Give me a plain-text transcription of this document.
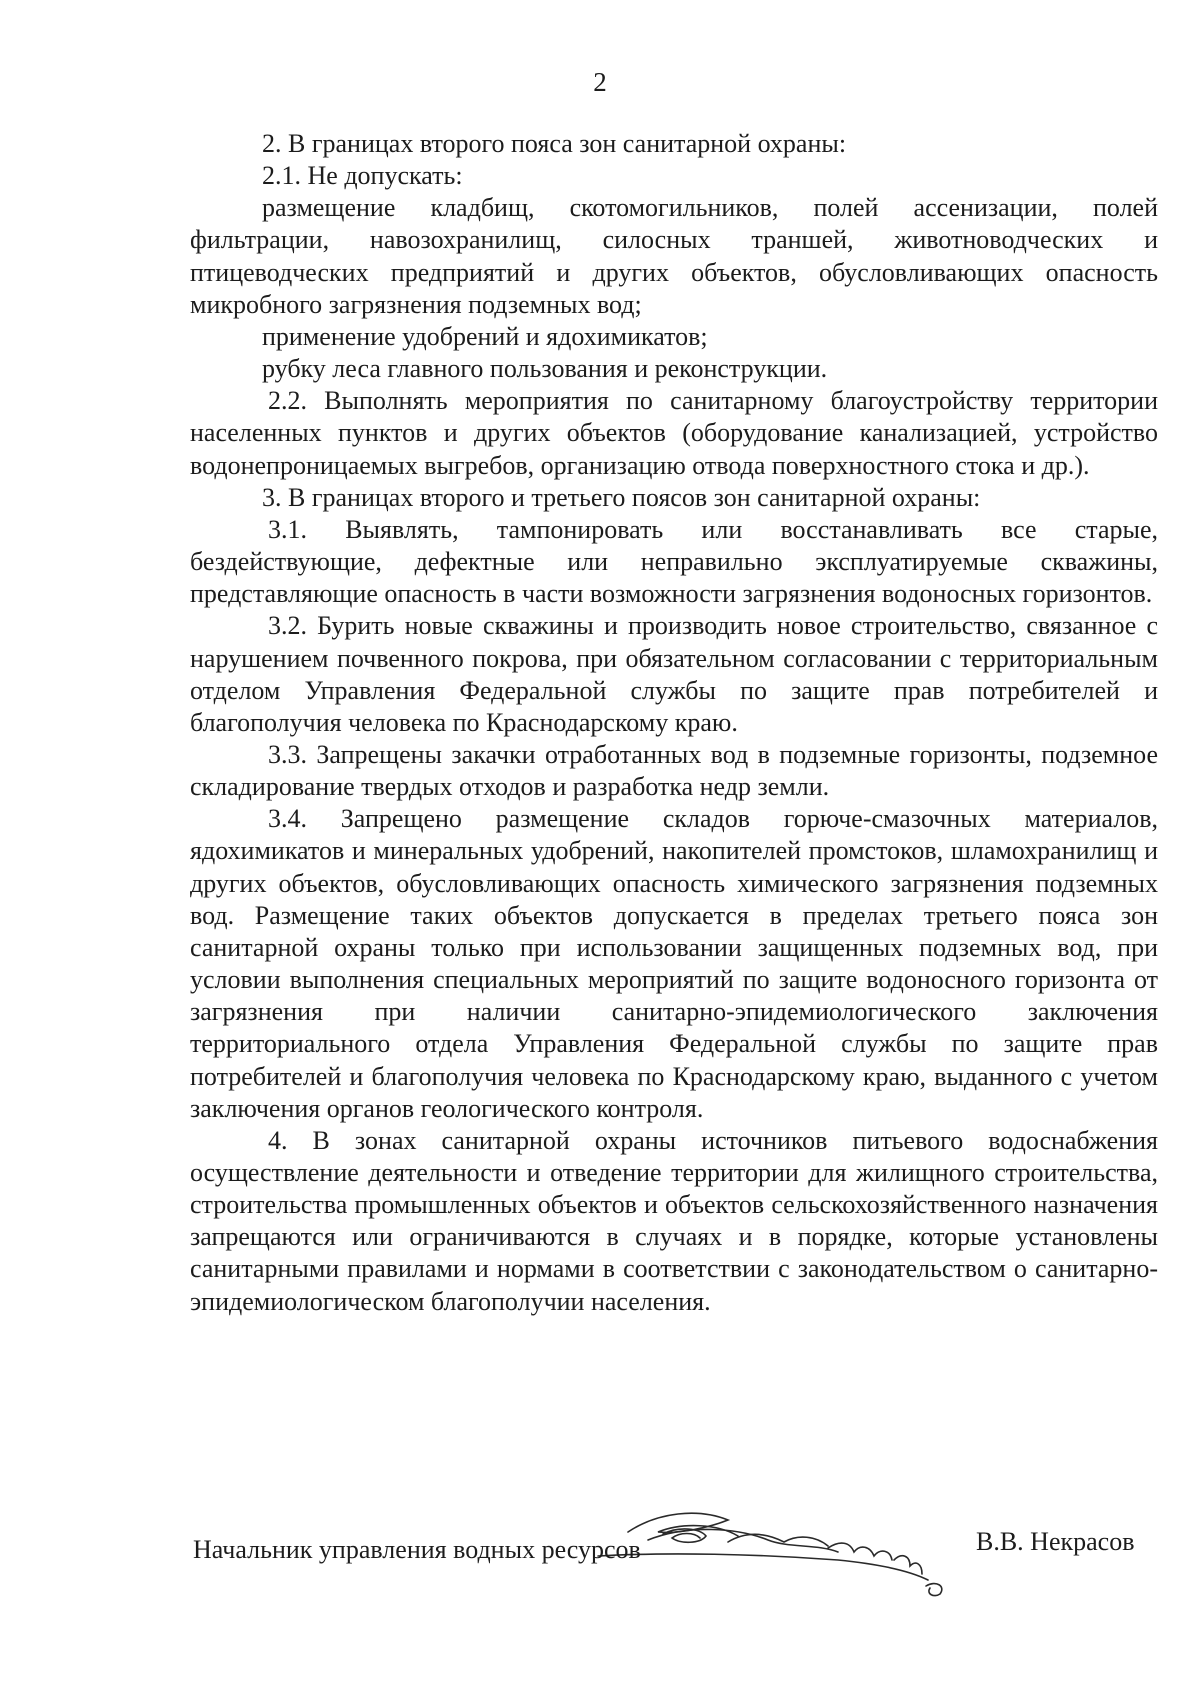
2

2. В границах второго пояса зон санитарной охраны:

2.1. Не допускать:

размещение кладбищ, скотомогильников, полей ассенизации, полей фильтрации, навозохранилищ, силосных траншей, животноводческих и птицеводческих предприятий и других объектов, обусловливающих опасность микробного загрязнения подземных вод;

применение удобрений и ядохимикатов;

рубку леса главного пользования и реконструкции.

2.2. Выполнять мероприятия по санитарному благоустройству территории населенных пунктов и других объектов (оборудование канализацией, устройство водонепроницаемых выгребов, организацию отвода поверхностного стока и др.).

3. В границах второго и третьего поясов зон санитарной охраны:

3.1. Выявлять, тампонировать или восстанавливать все старые, бездействующие, дефектные или неправильно эксплуатируемые скважины, представляющие опасность в части возможности загрязнения водоносных горизонтов.

3.2. Бурить новые скважины и производить новое строительство, связанное с нарушением почвенного покрова, при обязательном согласовании с территориальным отделом Управления Федеральной службы по защите прав потребителей и благополучия человека по Краснодарскому краю.

3.3. Запрещены закачки отработанных вод в подземные горизонты, подземное складирование твердых отходов и разработка недр земли.

3.4. Запрещено размещение складов горюче-смазочных материалов, ядохимикатов и минеральных удобрений, накопителей промстоков, шламохранилищ и других объектов, обусловливающих опасность химического загрязнения подземных вод. Размещение таких объектов допускается в пределах третьего пояса зон санитарной охраны только при использовании защищенных подземных вод, при условии выполнения специальных мероприятий по защите водоносного горизонта от загрязнения при наличии санитарно-эпидемиологического заключения территориального отдела Управления Федеральной службы по защите прав потребителей и благополучия человека по Краснодарскому краю, выданного с учетом заключения органов геологического контроля.

4. В зонах санитарной охраны источников питьевого водоснабжения осуществление деятельности и отведение территории для жилищного строительства, строительства промышленных объектов и объектов сельскохозяйственного назначения запрещаются или ограничиваются в случаях и в порядке, которые установлены санитарными правилами и нормами в соответствии с законодательством о санитарно-эпидемиологическом благополучии населения.

Начальник управления водных ресурсов	В.В. Некрасов
